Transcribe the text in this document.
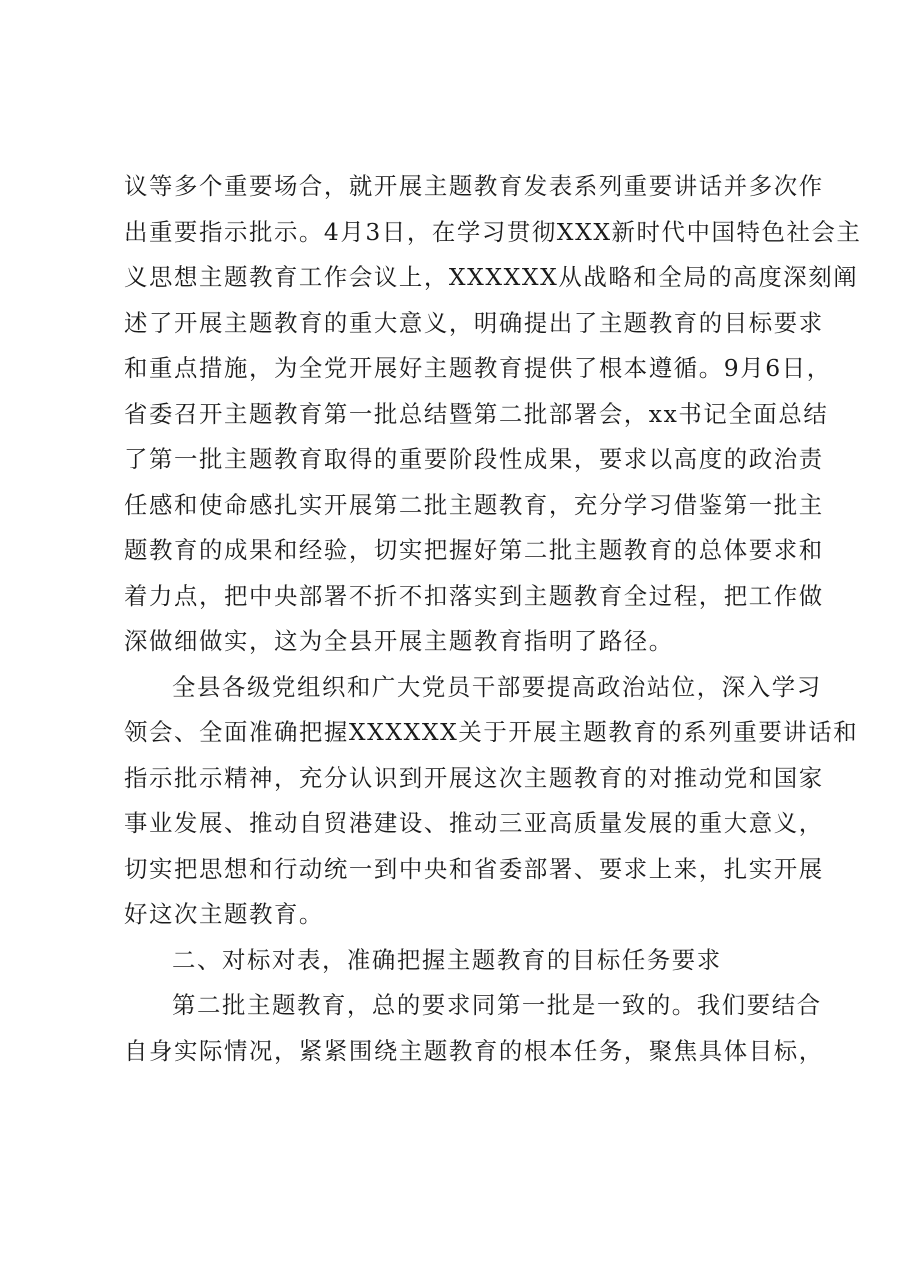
议等多个重要场合，就开展主题教育发表系列重要讲话并多次作
出重要指示批示。4月3日，在学习贯彻XXX新时代中国特色社会主
义思想主题教育工作会议上，XXXXXX从战略和全局的高度深刻阐
述了开展主题教育的重大意义，明确提出了主题教育的目标要求
和重点措施，为全党开展好主题教育提供了根本遵循。9月6日，
省委召开主题教育第一批总结暨第二批部署会，xx书记全面总结
了第一批主题教育取得的重要阶段性成果，要求以高度的政治责
任感和使命感扎实开展第二批主题教育，充分学习借鉴第一批主
题教育的成果和经验，切实把握好第二批主题教育的总体要求和
着力点，把中央部署不折不扣落实到主题教育全过程，把工作做
深做细做实，这为全县开展主题教育指明了路径。

全县各级党组织和广大党员干部要提高政治站位，深入学习
领会、全面准确把握XXXXXX关于开展主题教育的系列重要讲话和
指示批示精神，充分认识到开展这次主题教育的对推动党和国家
事业发展、推动自贸港建设、推动三亚高质量发展的重大意义，
切实把思想和行动统一到中央和省委部署、要求上来，扎实开展
好这次主题教育。

二、对标对表，准确把握主题教育的目标任务要求

第二批主题教育，总的要求同第一批是一致的。我们要结合
自身实际情况，紧紧围绕主题教育的根本任务，聚焦具体目标，
